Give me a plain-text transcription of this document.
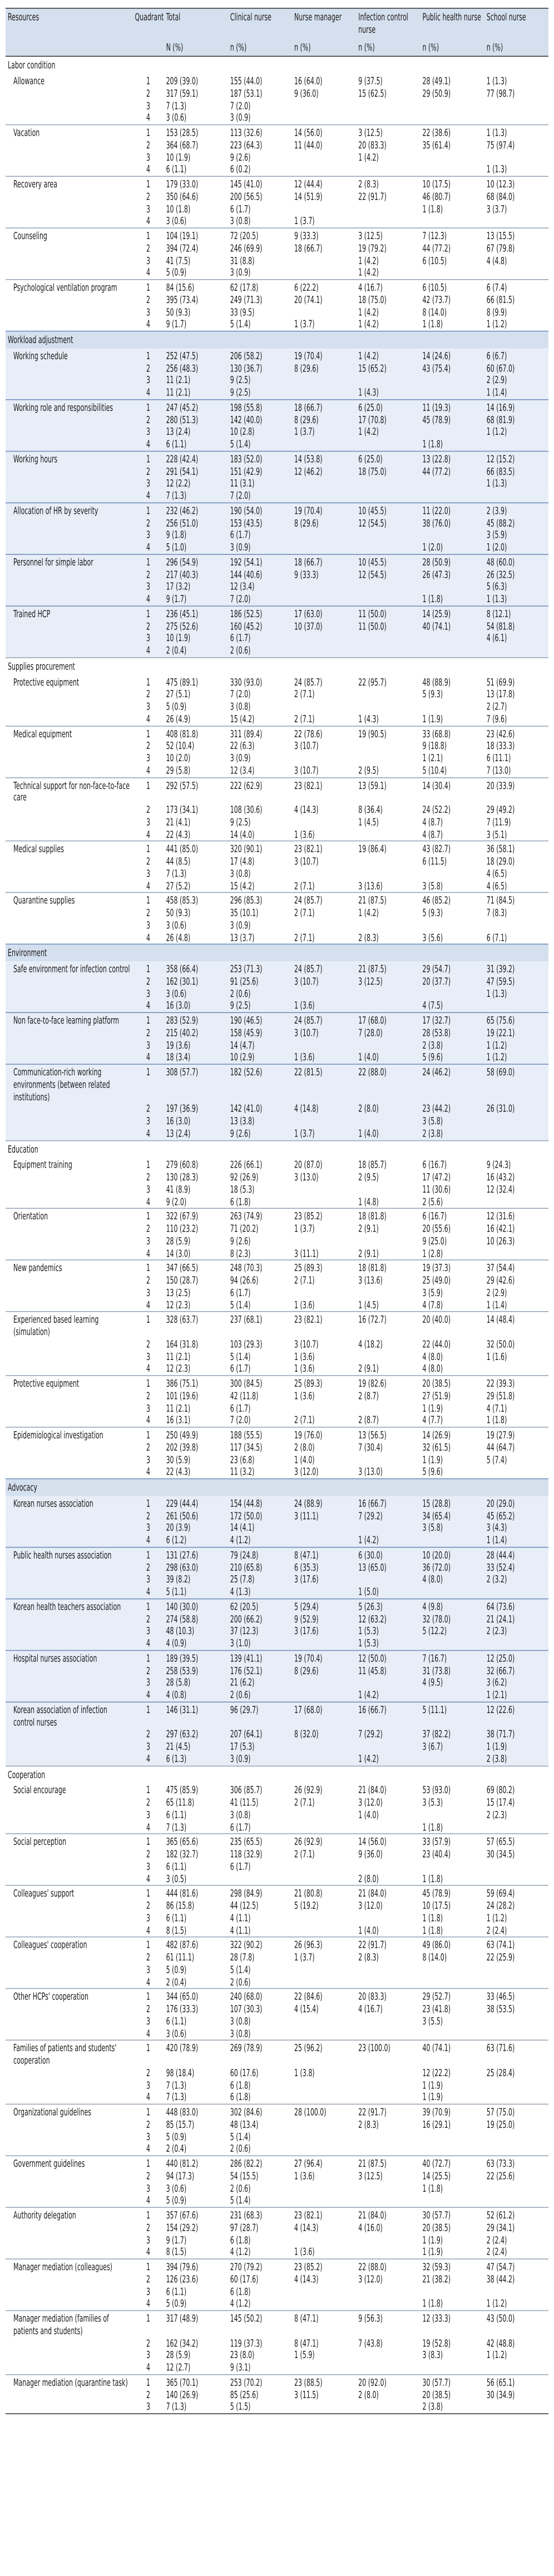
Resources	Quadrant	Total	Clinical nurse	Nurse manager	Infection control nurse	Public health nurse	School nurse
		N (%)	n (%)	n (%)	n (%)	n (%)	n (%)
Labor condition							
Allowance	1	209 (39.0)	155 (44.0)	16 (64.0)	9 (37.5)	28 (49.1)	1 (1.3)
	2	317 (59.1)	187 (53.1)	9 (36.0)	15 (62.5)	29 (50.9)	77 (98.7)
	3	7 (1.3)	7 (2.0)				
	4	3 (0.6)	3 (0.9)				
Vacation	1	153 (28.5)	113 (32.6)	14 (56.0)	3 (12.5)	22 (38.6)	1 (1.3)
	2	364 (68.7)	223 (64.3)	11 (44.0)	20 (83.3)	35 (61.4)	75 (97.4)
	3	10 (1.9)	9 (2.6)		1 (4.2)		
	4	6 (1.1)	6 (0.2)				1 (1.3)
Recovery area	1	179 (33.0)	145 (41.0)	12 (44.4)	2 (8.3)	10 (17.5)	10 (12.3)
	2	350 (64.6)	200 (56.5)	14 (51.9)	22 (91.7)	46 (80.7)	68 (84.0)
	3	10 (1.8)	6 (1.7)			1 (1.8)	3 (3.7)
	4	3 (0.6)	3 (0.8)	1 (3.7)			
Counseling	1	104 (19.1)	72 (20.5)	9 (33.3)	3 (12.5)	7 (12.3)	13 (15.5)
	2	394 (72.4)	246 (69.9)	18 (66.7)	19 (79.2)	44 (77.2)	67 (79.8)
	3	41 (7.5)	31 (8.8)		1 (4.2)	6 (10.5)	4 (4.8)
	4	5 (0.9)	3 (0.9)		1 (4.2)		
Psychological ventilation program	1	84 (15.6)	62 (17.8)	6 (22.2)	4 (16.7)	6 (10.5)	6 (7.4)
	2	395 (73.4)	249 (71.3)	20 (74.1)	18 (75.0)	42 (73.7)	66 (81.5)
	3	50 (9.3)	33 (9.5)		1 (4.2)	8 (14.0)	8 (9.9)
	4	9 (1.7)	5 (1.4)	1 (3.7)	1 (4.2)	1 (1.8)	1 (1.2)
Workload adjustment							
Working schedule	1	252 (47.5)	206 (58.2)	19 (70.4)	1 (4.2)	14 (24.6)	6 (6.7)
	2	256 (48.3)	130 (36.7)	8 (29.6)	15 (65.2)	43 (75.4)	60 (67.0)
	3	11 (2.1)	9 (2.5)				2 (2.9)
	4	11 (2.1)	9 (2.5)		1 (4.3)		1 (1.4)
Working role and responsibilities	1	247 (45.2)	198 (55.8)	18 (66.7)	6 (25.0)	11 (19.3)	14 (16.9)
	2	280 (51.3)	142 (40.0)	8 (29.6)	17 (70.8)	45 (78.9)	68 (81.9)
	3	13 (2.4)	10 (2.8)	1 (3.7)	1 (4.2)		1 (1.2)
	4	6 (1.1)	5 (1.4)			1 (1.8)	
Working hours	1	228 (42.4)	183 (52.0)	14 (53.8)	6 (25.0)	13 (22.8)	12 (15.2)
	2	291 (54.1)	151 (42.9)	12 (46.2)	18 (75.0)	44 (77.2)	66 (83.5)
	3	12 (2.2)	11 (3.1)				1 (1.3)
	4	7 (1.3)	7 (2.0)				
Allocation of HR by severity	1	232 (46.2)	190 (54.0)	19 (70.4)	10 (45.5)	11 (22.0)	2 (3.9)
	2	256 (51.0)	153 (43.5)	8 (29.6)	12 (54.5)	38 (76.0)	45 (88.2)
	3	9 (1.8)	6 (1.7)				3 (5.9)
	4	5 (1.0)	3 (0.9)			1 (2.0)	1 (2.0)
Personnel for simple labor	1	296 (54.9)	192 (54.1)	18 (66.7)	10 (45.5)	28 (50.9)	48 (60.0)
	2	217 (40.3)	144 (40.6)	9 (33.3)	12 (54.5)	26 (47.3)	26 (32.5)
	3	17 (3.2)	12 (3.4)				5 (6.3)
	4	9 (1.7)	7 (2.0)			1 (1.8)	1 (1.3)
Trained HCP	1	236 (45.1)	186 (52.5)	17 (63.0)	11 (50.0)	14 (25.9)	8 (12.1)
	2	275 (52.6)	160 (45.2)	10 (37.0)	11 (50.0)	40 (74.1)	54 (81.8)
	3	10 (1.9)	6 (1.7)				4 (6.1)
	4	2 (0.4)	2 (0.6)				
Supplies procurement							
Protective equipment	1	475 (89.1)	330 (93.0)	24 (85.7)	22 (95.7)	48 (88.9)	51 (69.9)
	2	27 (5.1)	7 (2.0)	2 (7.1)		5 (9.3)	13 (17.8)
	3	5 (0.9)	3 (0.8)				2 (2.7)
	4	26 (4.9)	15 (4.2)	2 (7.1)	1 (4.3)	1 (1.9)	7 (9.6)
Medical equipment	1	408 (81.8)	311 (89.4)	22 (78.6)	19 (90.5)	33 (68.8)	23 (42.6)
	2	52 (10.4)	22 (6.3)	3 (10.7)		9 (18.8)	18 (33.3)
	3	10 (2.0)	3 (0.9)			1 (2.1)	6 (11.1)
	4	29 (5.8)	12 (3.4)	3 (10.7)	2 (9.5)	5 (10.4)	7 (13.0)
Technical support for non-face-to-face care	1	292 (57.5)	222 (62.9)	23 (82.1)	13 (59.1)	14 (30.4)	20 (33.9)
	2	173 (34.1)	108 (30.6)	4 (14.3)	8 (36.4)	24 (52.2)	29 (49.2)
	3	21 (4.1)	9 (2.5)		1 (4.5)	4 (8.7)	7 (11.9)
	4	22 (4.3)	14 (4.0)	1 (3.6)		4 (8.7)	3 (5.1)
Medical supplies	1	441 (85.0)	320 (90.1)	23 (82.1)	19 (86.4)	43 (82.7)	36 (58.1)
	2	44 (8.5)	17 (4.8)	3 (10.7)		6 (11.5)	18 (29.0)
	3	7 (1.3)	3 (0.8)				4 (6.5)
	4	27 (5.2)	15 (4.2)	2 (7.1)	3 (13.6)	3 (5.8)	4 (6.5)
Quarantine supplies	1	458 (85.3)	296 (85.3)	24 (85.7)	21 (87.5)	46 (85.2)	71 (84.5)
	2	50 (9.3)	35 (10.1)	2 (7.1)	1 (4.2)	5 (9.3)	7 (8.3)
	3	3 (0.6)	3 (0.9)				
	4	26 (4.8)	13 (3.7)	2 (7.1)	2 (8.3)	3 (5.6)	6 (7.1)
Environment							
Safe environment for infection control	1	358 (66.4)	253 (71.3)	24 (85.7)	21 (87.5)	29 (54.7)	31 (39.2)
	2	162 (30.1)	91 (25.6)	3 (10.7)	3 (12.5)	20 (37.7)	47 (59.5)
	3	3 (0.6)	2 (0.6)				1 (1.3)
	4	16 (3.0)	9 (2.5)	1 (3.6)		4 (7.5)	
Non face-to-face learning platform	1	283 (52.9)	190 (46.5)	24 (85.7)	17 (68.0)	17 (32.7)	65 (75.6)
	2	215 (40.2)	158 (45.9)	3 (10.7)	7 (28.0)	28 (53.8)	19 (22.1)
	3	19 (3.6)	14 (4.7)			2 (3.8)	1 (1.2)
	4	18 (3.4)	10 (2.9)	1 (3.6)	1 (4.0)	5 (9.6)	1 (1.2)
Communication-rich working environments (between related institutions)	1	308 (57.7)	182 (52.6)	22 (81.5)	22 (88.0)	24 (46.2)	58 (69.0)
	2	197 (36.9)	142 (41.0)	4 (14.8)	2 (8.0)	23 (44.2)	26 (31.0)
	3	16 (3.0)	13 (3.8)			3 (5.8)	
	4	13 (2.4)	9 (2.6)	1 (3.7)	1 (4.0)	2 (3.8)	
Education							
Equipment training	1	279 (60.8)	226 (66.1)	20 (87.0)	18 (85.7)	6 (16.7)	9 (24.3)
	2	130 (28.3)	92 (26.9)	3 (13.0)	2 (9.5)	17 (47.2)	16 (43.2)
	3	41 (8.9)	18 (5.3)			11 (30.6)	12 (32.4)
	4	9 (2.0)	6 (1.8)		1 (4.8)	2 (5.6)	
Orientation	1	322 (67.9)	263 (74.9)	23 (85.2)	18 (81.8)	6 (16.7)	12 (31.6)
	2	110 (23.2)	71 (20.2)	1 (3.7)	2 (9.1)	20 (55.6)	16 (42.1)
	3	28 (5.9)	9 (2.6)			9 (25.0)	10 (26.3)
	4	14 (3.0)	8 (2.3)	3 (11.1)	2 (9.1)	1 (2.8)	
New pandemics	1	347 (66.5)	248 (70.3)	25 (89.3)	18 (81.8)	19 (37.3)	37 (54.4)
	2	150 (28.7)	94 (26.6)	2 (7.1)	3 (13.6)	25 (49.0)	29 (42.6)
	3	13 (2.5)	6 (1.7)			3 (5.9)	2 (2.9)
	4	12 (2.3)	5 (1.4)	1 (3.6)	1 (4.5)	4 (7.8)	1 (1.4)
Experienced based learning (simulation)	1	328 (63.7)	237 (68.1)	23 (82.1)	16 (72.7)	20 (40.0)	14 (48.4)
	2	164 (31.8)	103 (29.3)	3 (10.7)	4 (18.2)	22 (44.0)	32 (50.0)
	3	11 (2.1)	5 (1.4)	1 (3.6)		4 (8.0)	1 (1.6)
	4	12 (2.3)	6 (1.7)	1 (3.6)	2 (9.1)	4 (8.0)	
Protective equipment	1	386 (75.1)	300 (84.5)	25 (89.3)	19 (82.6)	20 (38.5)	22 (39.3)
	2	101 (19.6)	42 (11.8)	1 (3.6)	2 (8.7)	27 (51.9)	29 (51.8)
	3	11 (2.1)	6 (1.7)			1 (1.9)	4 (7.1)
	4	16 (3.1)	7 (2.0)	2 (7.1)	2 (8.7)	4 (7.7)	1 (1.8)
Epidemiological investigation	1	250 (49.9)	188 (55.5)	19 (76.0)	13 (56.5)	14 (26.9)	19 (27.9)
	2	202 (39.8)	117 (34.5)	2 (8.0)	7 (30.4)	32 (61.5)	44 (64.7)
	3	30 (5.9)	23 (6.8)	1 (4.0)		1 (1.9)	5 (7.4)
	4	22 (4.3)	11 (3.2)	3 (12.0)	3 (13.0)	5 (9.6)	
Advocacy							
Korean nurses association	1	229 (44.4)	154 (44.8)	24 (88.9)	16 (66.7)	15 (28.8)	20 (29.0)
	2	261 (50.6)	172 (50.0)	3 (11.1)	7 (29.2)	34 (65.4)	45 (65.2)
	3	20 (3.9)	14 (4.1)			3 (5.8)	3 (4.3)
	4	6 (1.2)	4 (1.2)		1 (4.2)		1 (1.4)
Public health nurses association	1	131 (27.6)	79 (24.8)	8 (47.1)	6 (30.0)	10 (20.0)	28 (44.4)
	2	298 (63.0)	210 (65.8)	6 (35.3)	13 (65.0)	36 (72.0)	33 (52.4)
	3	39 (8.2)	25 (7.8)	3 (17.6)		4 (8.0)	2 (3.2)
	4	5 (1.1)	4 (1.3)		1 (5.0)		
Korean health teachers association	1	140 (30.0)	62 (20.5)	5 (29.4)	5 (26.3)	4 (9.8)	64 (73.6)
	2	274 (58.8)	200 (66.2)	9 (52.9)	12 (63.2)	32 (78.0)	21 (24.1)
	3	48 (10.3)	37 (12.3)	3 (17.6)	1 (5.3)	5 (12.2)	2 (2.3)
	4	4 (0.9)	3 (1.0)		1 (5.3)		
Hospital nurses association	1	189 (39.5)	139 (41.1)	19 (70.4)	12 (50.0)	7 (16.7)	12 (25.0)
	2	258 (53.9)	176 (52.1)	8 (29.6)	11 (45.8)	31 (73.8)	32 (66.7)
	3	28 (5.8)	21 (6.2)			4 (9.5)	3 (6.2)
	4	4 (0.8)	2 (0.6)		1 (4.2)		1 (2.1)
Korean association of infection control nurses	1	146 (31.1)	96 (29.7)	17 (68.0)	16 (66.7)	5 (11.1)	12 (22.6)
	2	297 (63.2)	207 (64.1)	8 (32.0)	7 (29.2)	37 (82.2)	38 (71.7)
	3	21 (4.5)	17 (5.3)			3 (6.7)	1 (1.9)
	4	6 (1.3)	3 (0.9)		1 (4.2)		2 (3.8)
Cooperation							
Social encourage	1	475 (85.9)	306 (85.7)	26 (92.9)	21 (84.0)	53 (93.0)	69 (80.2)
	2	65 (11.8)	41 (11.5)	2 (7.1)	3 (12.0)	3 (5.3)	15 (17.4)
	3	6 (1.1)	3 (0.8)		1 (4.0)		2 (2.3)
	4	7 (1.3)	6 (1.7)			1 (1.8)	
Social perception	1	365 (65.6)	235 (65.5)	26 (92.9)	14 (56.0)	33 (57.9)	57 (65.5)
	2	182 (32.7)	118 (32.9)	2 (7.1)	9 (36.0)	23 (40.4)	30 (34.5)
	3	6 (1.1)	6 (1.7)				
	4	3 (0.5)			2 (8.0)	1 (1.8)	
Colleagues' support	1	444 (81.6)	298 (84.9)	21 (80.8)	21 (84.0)	45 (78.9)	59 (69.4)
	2	86 (15.8)	44 (12.5)	5 (19.2)	3 (12.0)	10 (17.5)	24 (28.2)
	3	6 (1.1)	4 (1.1)			1 (1.8)	1 (1.2)
	4	8 (1.5)	4 (1.1)		1 (4.0)	1 (1.8)	2 (2.4)
Colleagues' cooperation	1	482 (87.6)	322 (90.2)	26 (96.3)	22 (91.7)	49 (86.0)	63 (74.1)
	2	61 (11.1)	28 (7.8)	1 (3.7)	2 (8.3)	8 (14.0)	22 (25.9)
	3	5 (0.9)	5 (1.4)				
	4	2 (0.4)	2 (0.6)				
Other HCPs' cooperation	1	344 (65.0)	240 (68.0)	22 (84.6)	20 (83.3)	29 (52.7)	33 (46.5)
	2	176 (33.3)	107 (30.3)	4 (15.4)	4 (16.7)	23 (41.8)	38 (53.5)
	3	6 (1.1)	3 (0.8)			3 (5.5)	
	4	3 (0.6)	3 (0.8)				
Families of patients and students' cooperation	1	420 (78.9)	269 (78.9)	25 (96.2)	23 (100.0)	40 (74.1)	63 (71.6)
	2	98 (18.4)	60 (17.6)	1 (3.8)		12 (22.2)	25 (28.4)
	3	7 (1.3)	6 (1.8)			1 (1.9)	
	4	7 (1.3)	6 (1.8)			1 (1.9)	
Organizational guidelines	1	448 (83.0)	302 (84.6)	28 (100.0)	22 (91.7)	39 (70.9)	57 (75.0)
	2	85 (15.7)	48 (13.4)		2 (8.3)	16 (29.1)	19 (25.0)
	3	5 (0.9)	5 (1.4)				
	4	2 (0.4)	2 (0.6)				
Government guidelines	1	440 (81.2)	286 (82.2)	27 (96.4)	21 (87.5)	40 (72.7)	63 (73.3)
	2	94 (17.3)	54 (15.5)	1 (3.6)	3 (12.5)	14 (25.5)	22 (25.6)
	3	3 (0.6)	2 (0.6)			1 (1.8)	
	4	5 (0.9)	5 (1.4)				
Authority delegation	1	357 (67.6)	231 (68.3)	23 (82.1)	21 (84.0)	30 (57.7)	52 (61.2)
	2	154 (29.2)	97 (28.7)	4 (14.3)	4 (16.0)	20 (38.5)	29 (34.1)
	3	9 (1.7)	6 (1.8)			1 (1.9)	2 (2.4)
	4	8 (1.5)	4 (1.2)	1 (3.6)		1 (1.9)	2 (2.4)
Manager mediation (colleagues)	1	394 (79.6)	270 (79.2)	23 (85.2)	22 (88.0)	32 (59.3)	47 (54.7)
	2	126 (23.6)	60 (17.6)	4 (14.3)	3 (12.0)	21 (38.2)	38 (44.2)
	3	6 (1.1)	6 (1.8)				
	4	5 (0.9)	4 (1.2)			1 (1.8)	1 (1.2)
Manager mediation (families of patients and students)	1	317 (48.9)	145 (50.2)	8 (47.1)	9 (56.3)	12 (33.3)	43 (50.0)
	2	162 (34.2)	119 (37.3)	8 (47.1)	7 (43.8)	19 (52.8)	42 (48.8)
	3	28 (5.9)	23 (8.0)	1 (5.9)		3 (8.3)	1 (1.2)
	4	12 (2.7)	9 (3.1)				
Manager mediation (quarantine task)	1	365 (70.1)	253 (70.2)	23 (88.5)	20 (92.0)	30 (57.7)	56 (65.1)
	2	140 (26.9)	85 (25.6)	3 (11.5)	2 (8.0)	20 (38.5)	30 (34.9)
	3	7 (1.3)	5 (1.5)			2 (3.8)	
